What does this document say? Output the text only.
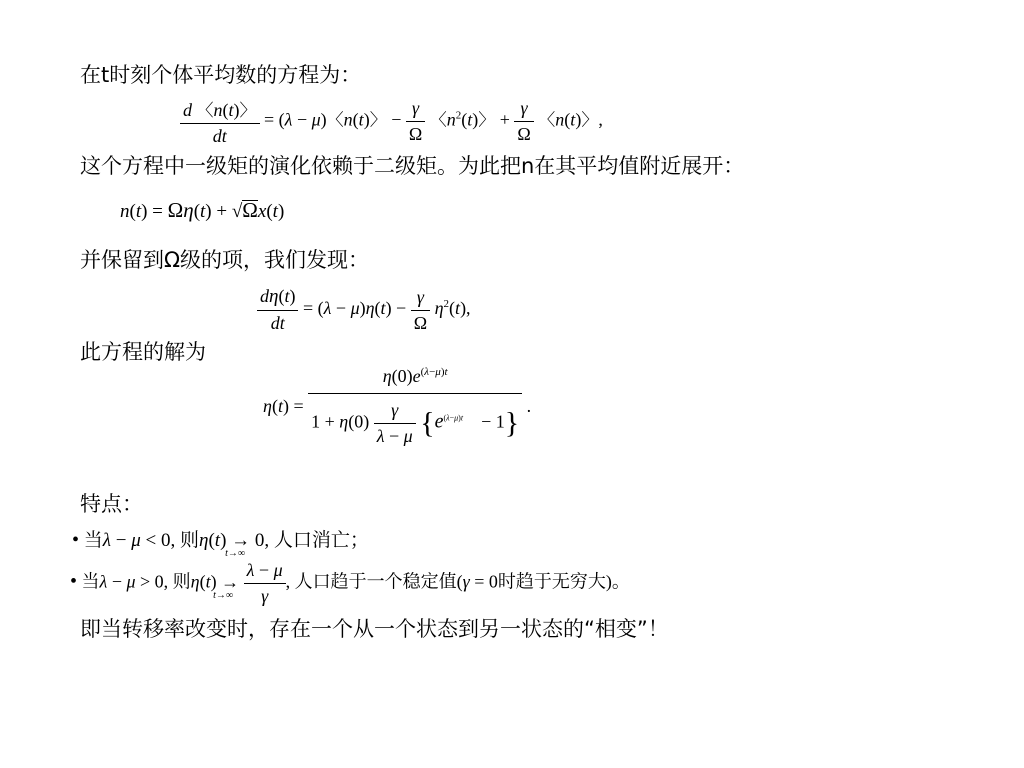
在t时刻个体平均数的方程为：
$\frac{d 〈n(t)〉}{dt} = (\lambda - \mu)$〈n(t)〉 − $\frac{\gamma}{\Omega}$ 〈$n^2(t)$〉 + $\frac{\gamma}{\Omega}$ 〈n(t)〉,
这个方程中一级矩的演化依赖于二级矩。为此把n在其平均值附近展开：
n(t) = Ωη(t) + √Ωx(t)
并保留到Ω级的项，我们发现：
$\frac{d\eta(t)}{dt} = (\lambda - \mu)\eta(t) - \frac{\gamma}{\Omega} \eta^2(t)$,
此方程的解为
η(t) =
$\eta(0)e^{(\lambda-\mu)t}$
$1 + \eta(0) \frac{\gamma}{\lambda - \mu} \{e^{(\lambda-\mu)t}$    − 1}
.
特点：
• 当λ − μ < 0, 则η(t) →
t→∞
0, 人口消亡；
• 当λ − μ > 0, 则η(t) →
t→∞
$\frac{\lambda - \mu}{\gamma}$ , 人口趋于一个稳定值(γ = 0时趋于无穷大)。
即当转移率改变时，存在一个从一个状态到另一状态的“相变”！
